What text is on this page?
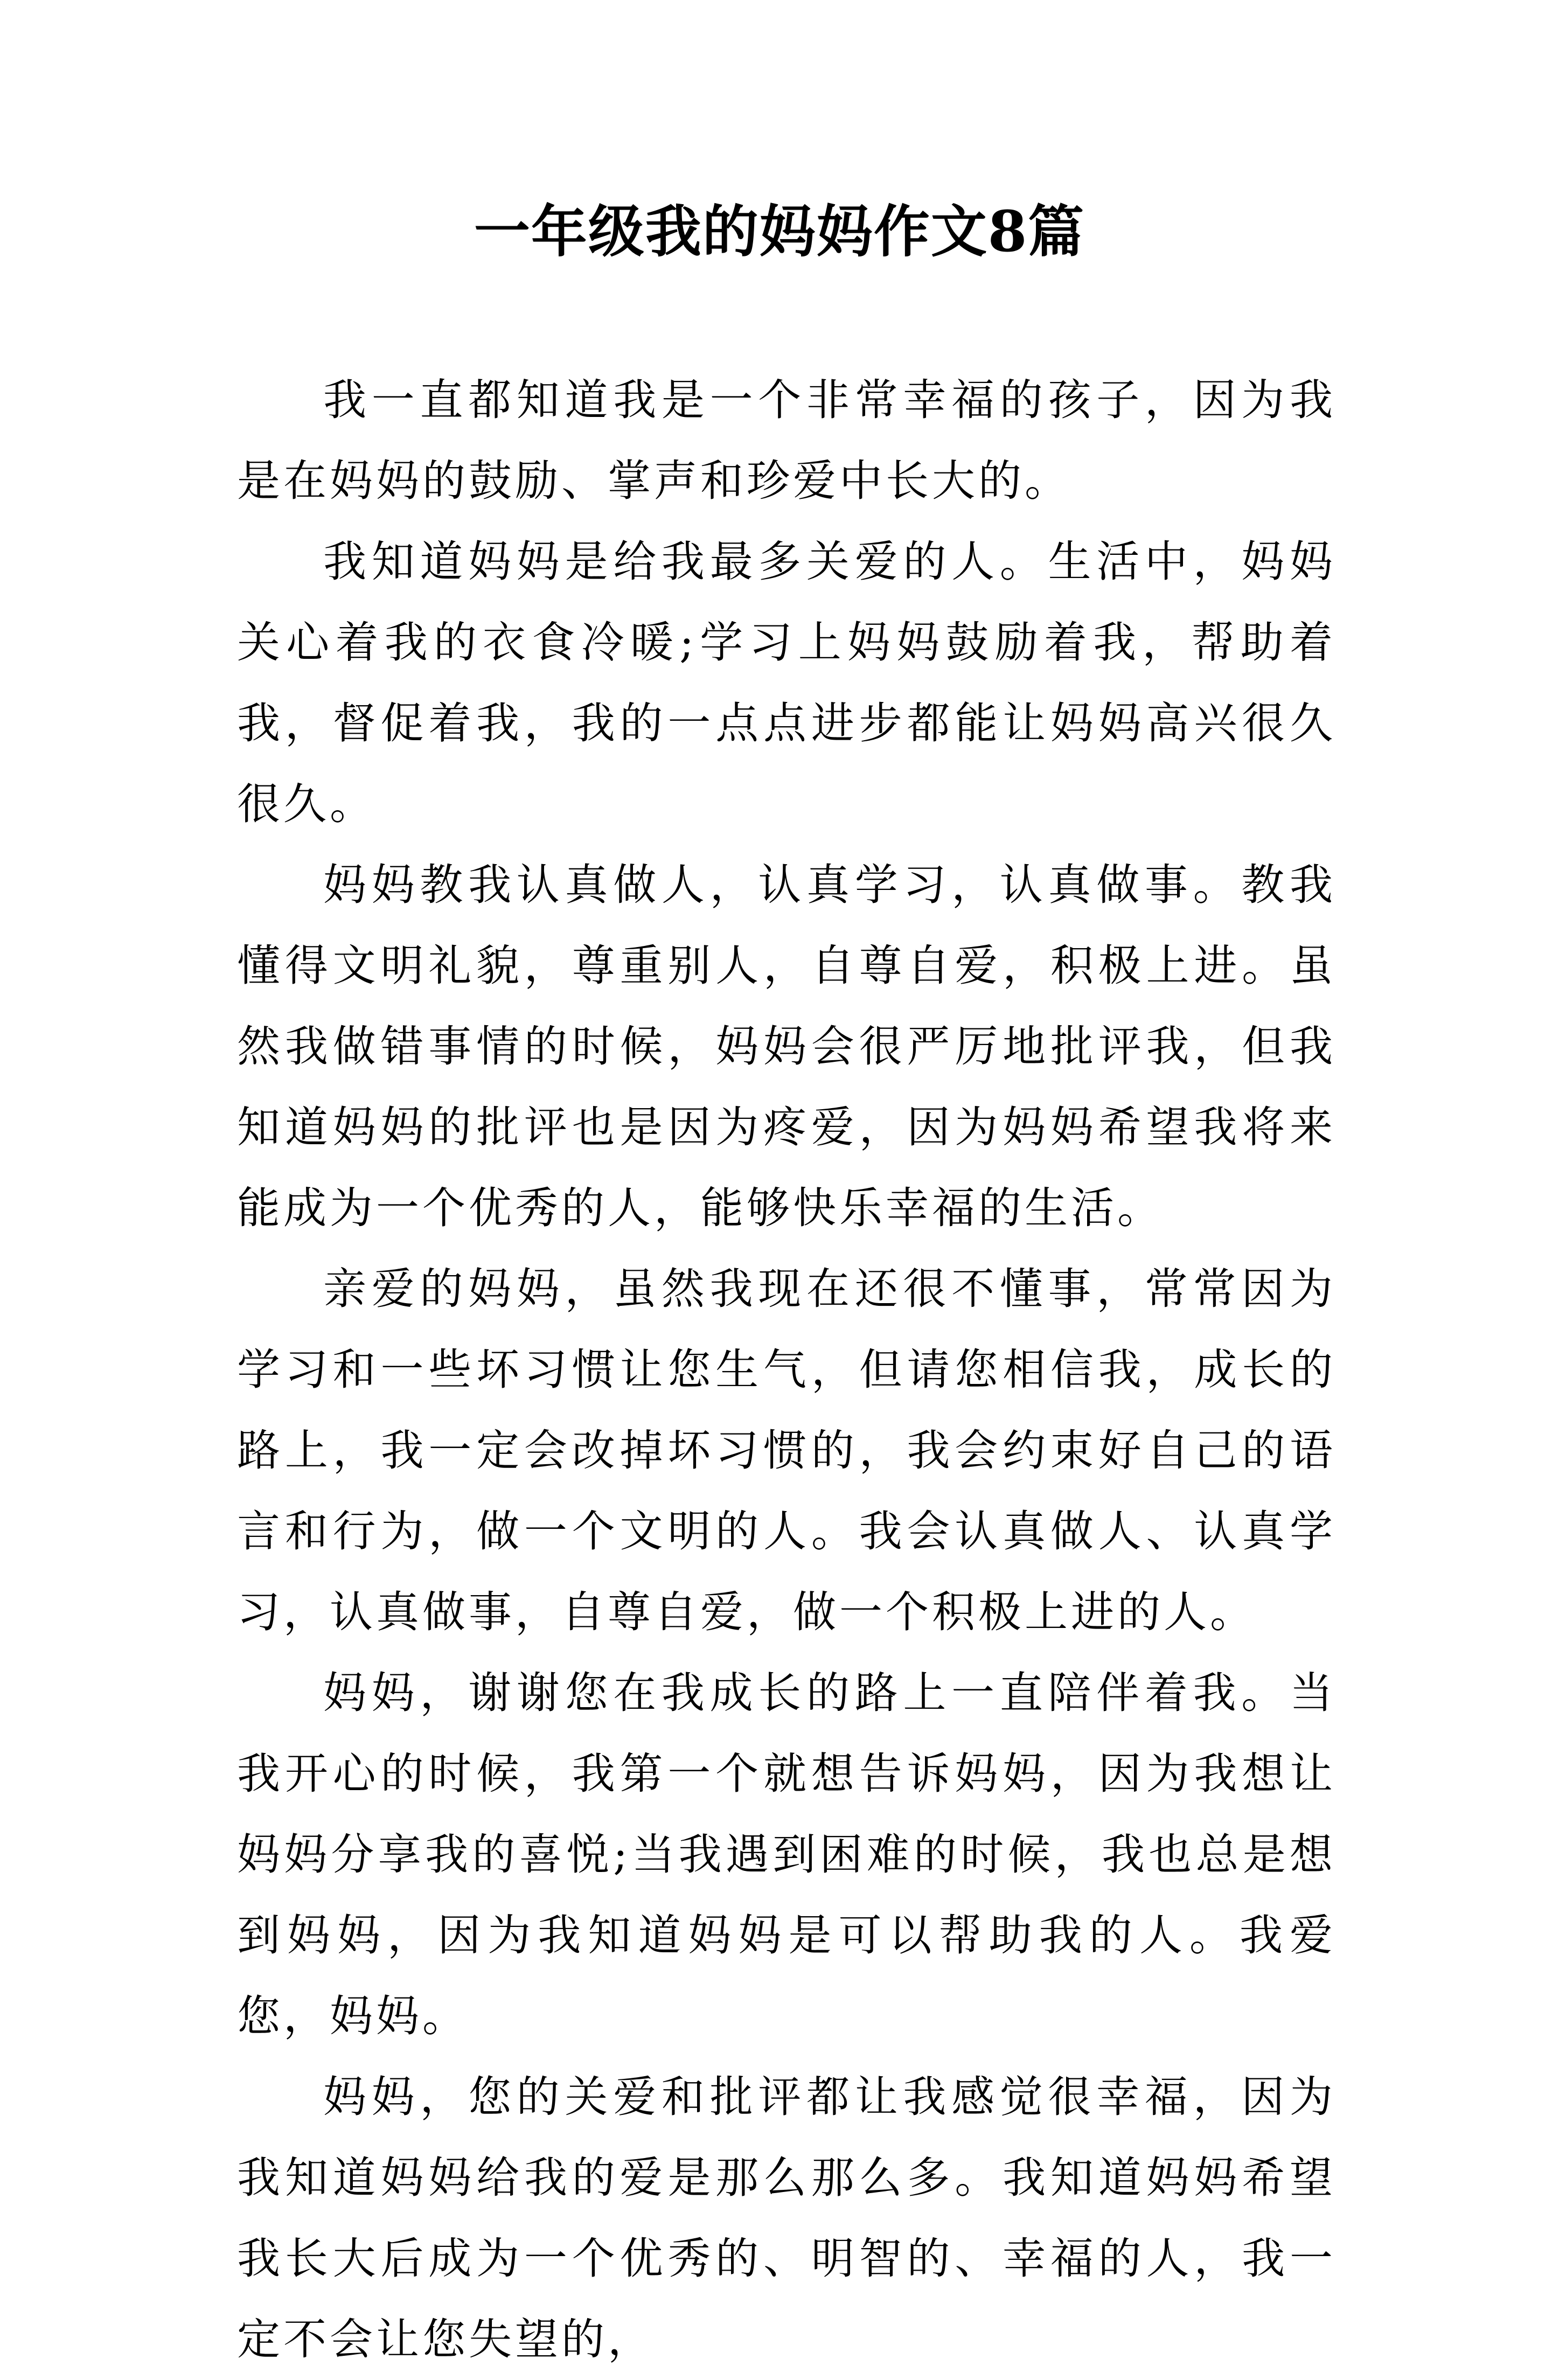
一年级我的妈妈作文8篇

我一直都知道我是一个非常幸福的孩子，因为我是在妈妈的鼓励、掌声和珍爱中长大的。

我知道妈妈是给我最多关爱的人。生活中，妈妈关心着我的衣食冷暖;学习上妈妈鼓励着我，帮助着我，督促着我，我的一点点进步都能让妈妈高兴很久很久。

妈妈教我认真做人，认真学习，认真做事。教我懂得文明礼貌，尊重别人，自尊自爱，积极上进。虽然我做错事情的时候，妈妈会很严厉地批评我，但我知道妈妈的批评也是因为疼爱，因为妈妈希望我将来能成为一个优秀的人，能够快乐幸福的生活。

亲爱的妈妈，虽然我现在还很不懂事，常常因为学习和一些坏习惯让您生气，但请您相信我，成长的路上，我一定会改掉坏习惯的，我会约束好自己的语言和行为，做一个文明的人。我会认真做人、认真学习，认真做事，自尊自爱，做一个积极上进的人。

妈妈，谢谢您在我成长的路上一直陪伴着我。当我开心的时候，我第一个就想告诉妈妈，因为我想让妈妈分享我的喜悦;当我遇到困难的时候，我也总是想到妈妈，因为我知道妈妈是可以帮助我的人。我爱您，妈妈。

妈妈，您的关爱和批评都让我感觉很幸福，因为我知道妈妈给我的爱是那么那么多。我知道妈妈希望我长大后成为一个优秀的、明智的、幸福的人，我一定不会让您失望的，
